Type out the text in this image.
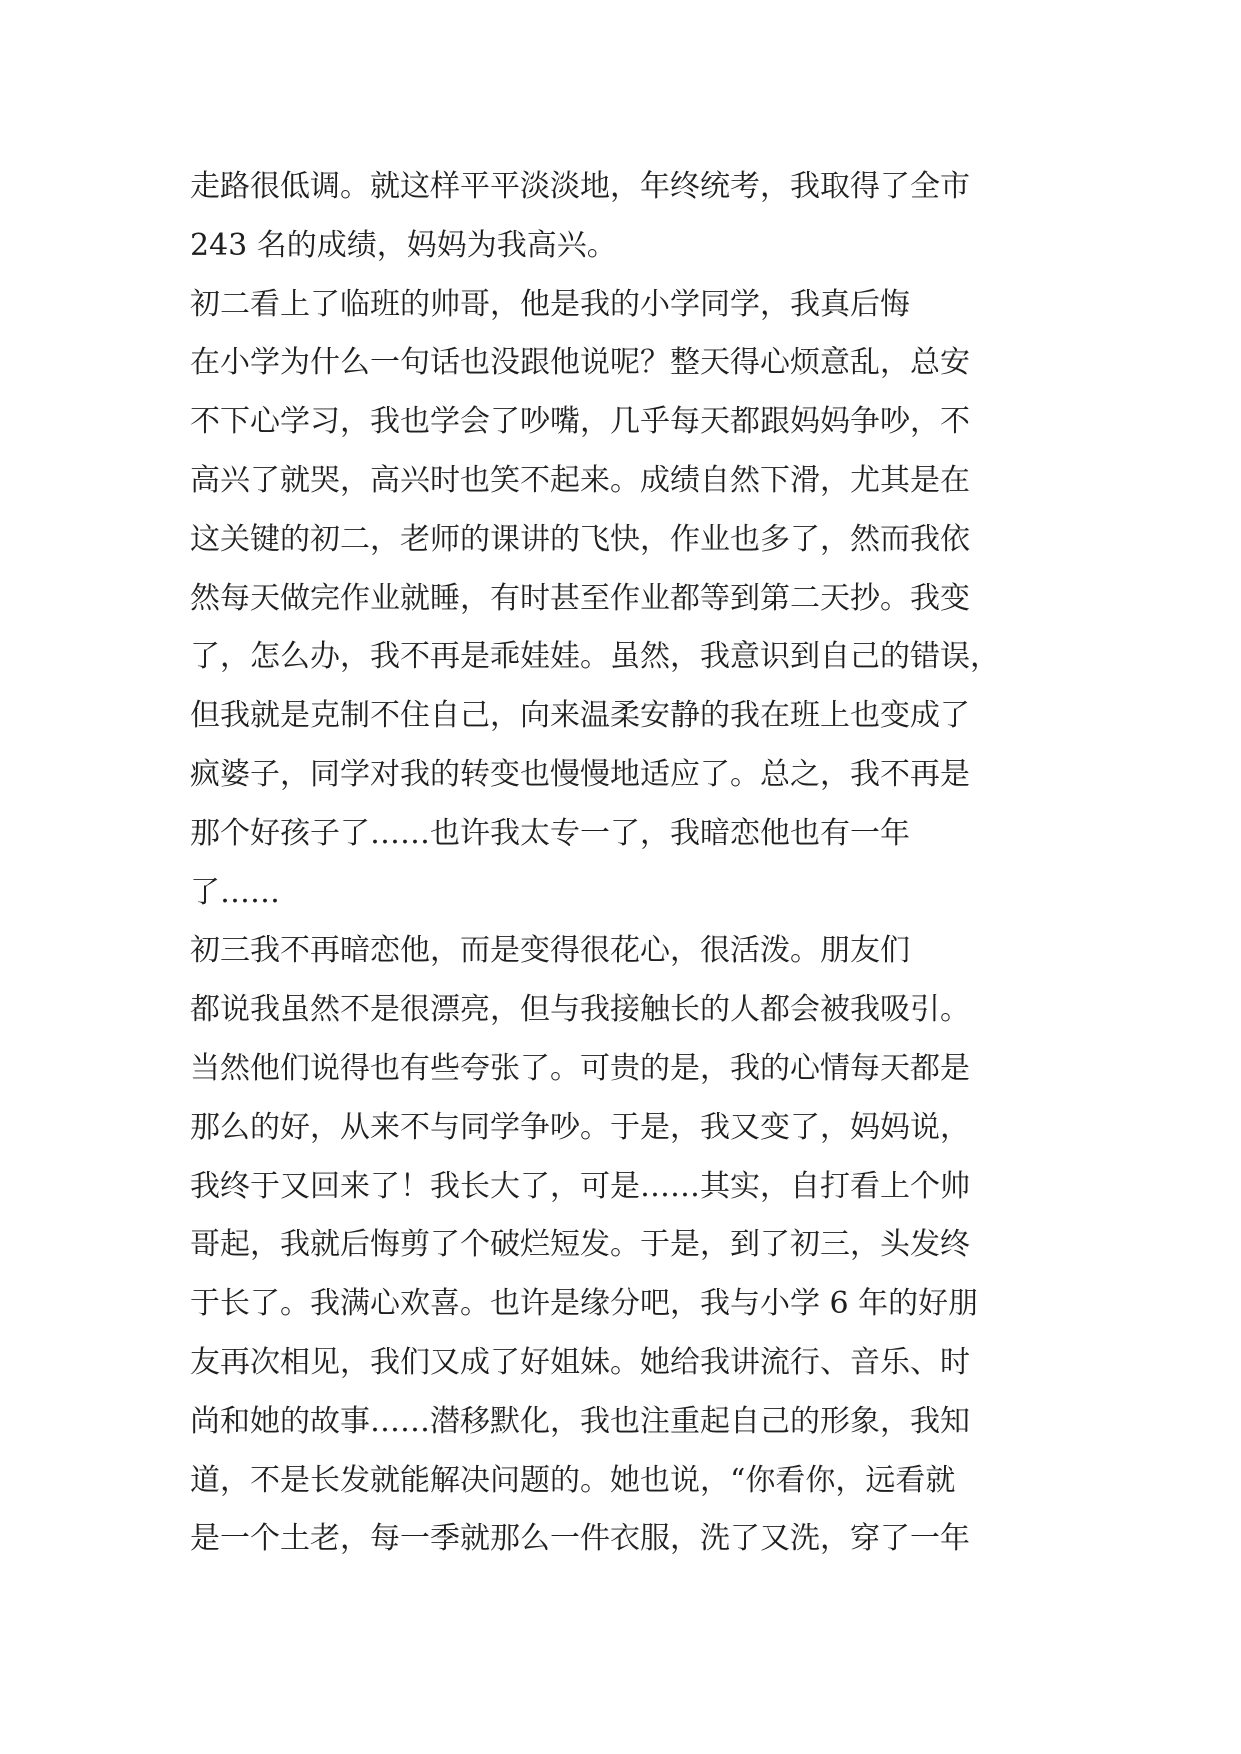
走路很低调。就这样平平淡淡地，年终统考，我取得了全市
243 名的成绩，妈妈为我高兴。
初二看上了临班的帅哥，他是我的小学同学，我真后悔
在小学为什么一句话也没跟他说呢？整天得心烦意乱，总安
不下心学习，我也学会了吵嘴，几乎每天都跟妈妈争吵，不
高兴了就哭，高兴时也笑不起来。成绩自然下滑，尤其是在
这关键的初二，老师的课讲的飞快，作业也多了，然而我依
然每天做完作业就睡，有时甚至作业都等到第二天抄。我变
了，怎么办，我不再是乖娃娃。虽然，我意识到自己的错误，
但我就是克制不住自己，向来温柔安静的我在班上也变成了
疯婆子，同学对我的转变也慢慢地适应了。总之，我不再是
那个好孩子了……也许我太专一了，我暗恋他也有一年
了……
初三我不再暗恋他，而是变得很花心，很活泼。朋友们
都说我虽然不是很漂亮，但与我接触长的人都会被我吸引。
当然他们说得也有些夸张了。可贵的是，我的心情每天都是
那么的好，从来不与同学争吵。于是，我又变了，妈妈说，
我终于又回来了！我长大了，可是……其实，自打看上个帅
哥起，我就后悔剪了个破烂短发。于是，到了初三，头发终
于长了。我满心欢喜。也许是缘分吧，我与小学 6 年的好朋
友再次相见，我们又成了好姐妹。她给我讲流行、音乐、时
尚和她的故事……潜移默化，我也注重起自己的形象，我知
道，不是长发就能解决问题的。她也说，“你看你，远看就
是一个土老，每一季就那么一件衣服，洗了又洗，穿了一年
